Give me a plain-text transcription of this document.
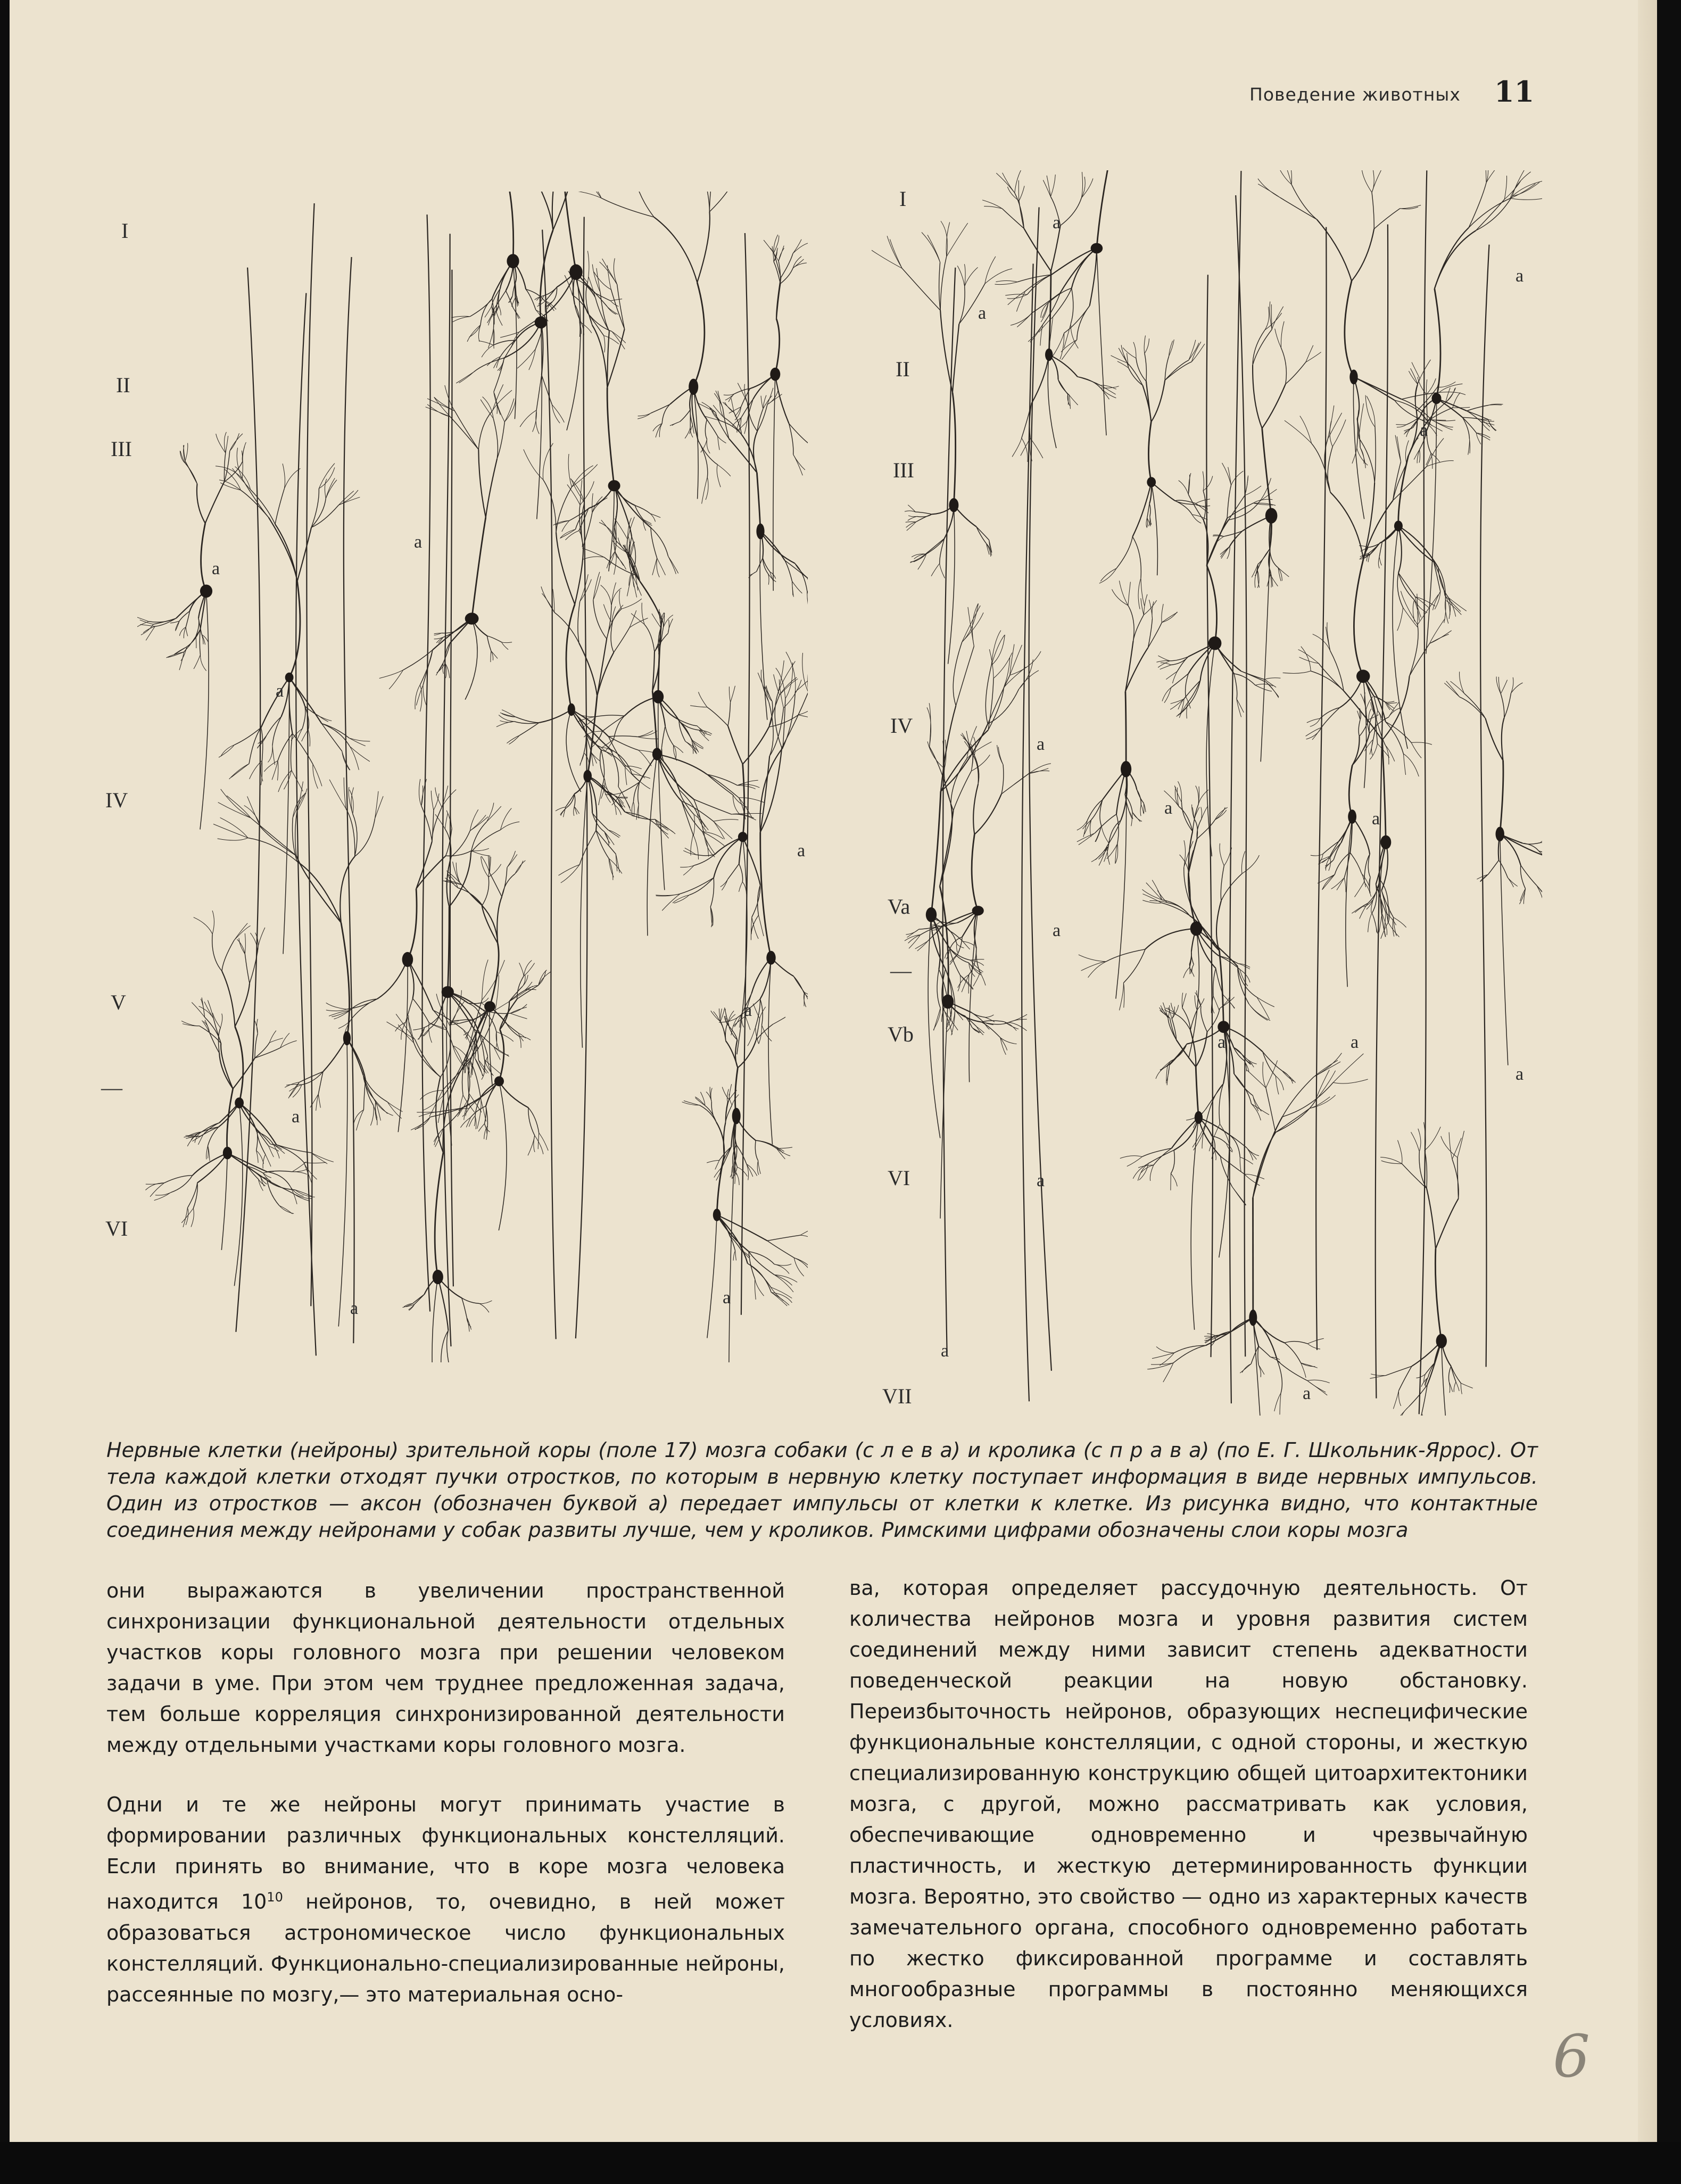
Поведение животных 11
I
II
III
IV
V
—
VI
I
II
III
IV
Va
—
Vb
VI
VII
a
a
a
a
a
a
a
a
a
a
a
a
a
a
a
a
a
a
a
a
a
a
Нервные клетки (нейроны) зрительной коры (поле 17) мозга собаки (с л е в а) и кролика (с п р а в а) (по Е. Г. Школьник-Яррос). От тела каждой клетки отходят пучки отростков, по которым в нервную клетку поступает информация в виде нервных импульсов. Один из отростков — аксон (обозначен буквой а) передает импульсы от клетки к клетке. Из рисунка видно, что контактные соединения между нейронами у собак развиты лучше, чем у кроликов. Римскими цифрами обозначены слои коры мозга

они выражаются в увеличении пространственной синхронизации функциональной деятельности отдельных участков коры головного мозга при решении человеком задачи в уме. При этом чем труднее предложенная задача, тем больше корреляция синхронизированной деятельности между отдельными участками коры головного мозга.

Одни и те же нейроны могут принимать участие в формировании различных функциональных констелляций. Если принять во внимание, что в коре мозга человека находится $10^{10}$ нейронов, то, очевидно, в ней может образоваться астрономическое число функциональных констелляций. Функционально-специализированные нейроны, рассеянные по мозгу,— это материальная осно-

ва, которая определяет рассудочную деятельность. От количества нейронов мозга и уровня развития систем соединений между ними зависит степень адекватности поведенческой реакции на новую обстановку. Переизбыточность нейронов, образующих неспецифические функциональные констелляции, с одной стороны, и жесткую специализированную конструкцию общей цитоархитектоники мозга, с другой, можно рассматривать как условия, обеспечивающие одновременно и чрезвычайную пластичность, и жесткую детерминированность функции мозга. Вероятно, это свойство — одно из характерных качеств замечательного органа, способного одновременно работать по жестко фиксированной программе и составлять многообразные программы в постоянно меняющихся условиях.

6
